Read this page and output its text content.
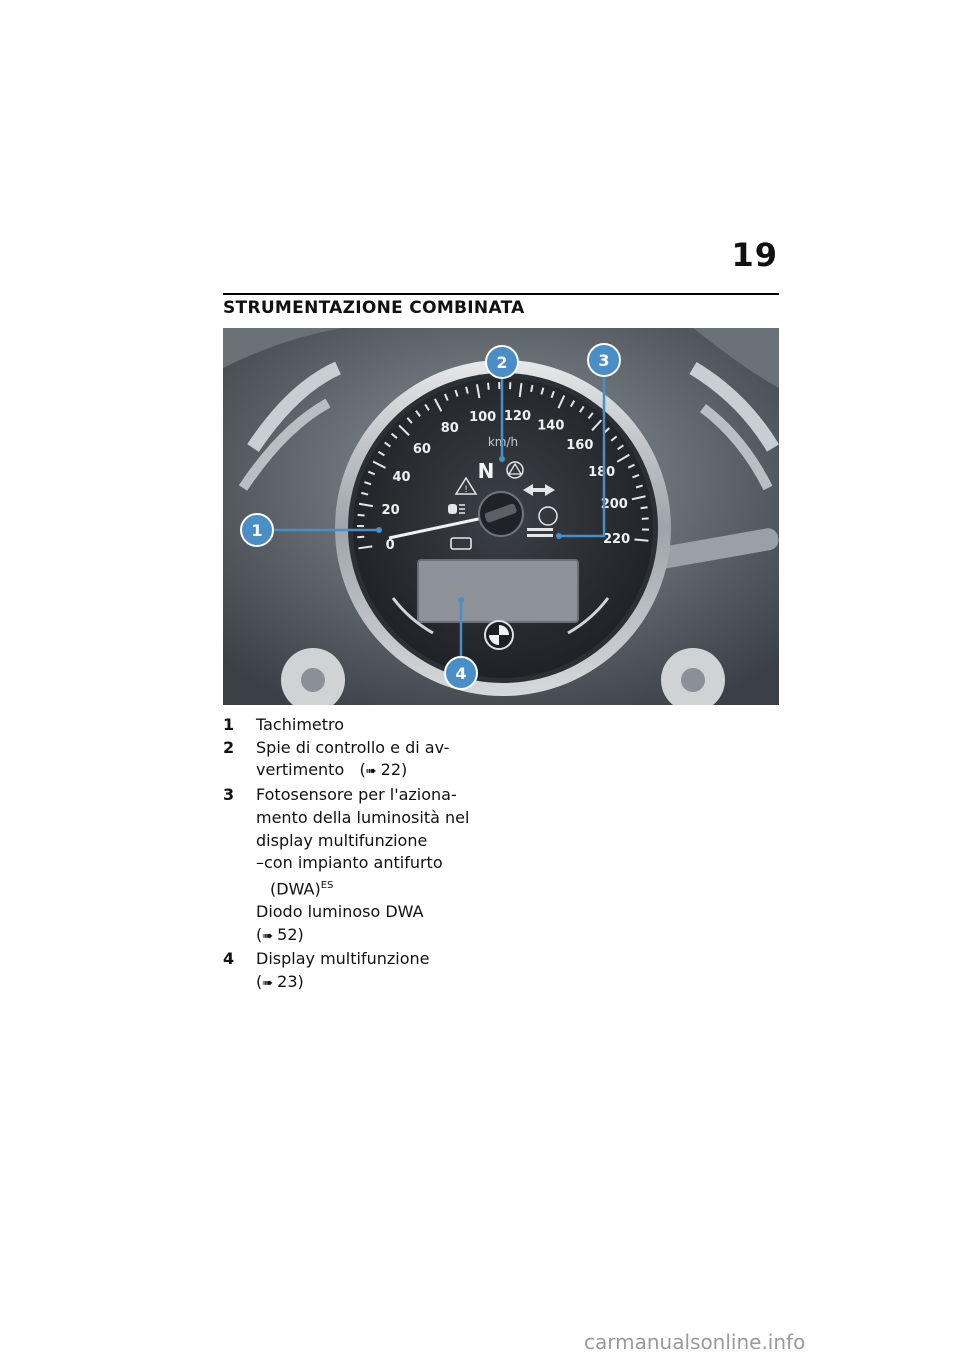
19
STRUMENTAZIONE COMBINATA
0
20
40
60
80
100 120
140
160
180
200
220
km/h
N
!
1
2	3
4
1	Tachimetro
2	Spie di controllo e di av-
vertimento   (➠ 22)
3	Fotosensore per l'aziona-
mento della luminosità nel
display multifunzione
–con impianto antifurto
(DWA)$^{ES}$
Diodo luminoso DWA
(➠ 52)
4	Display multifunzione
(➠ 23)
carmanualsonline.info
